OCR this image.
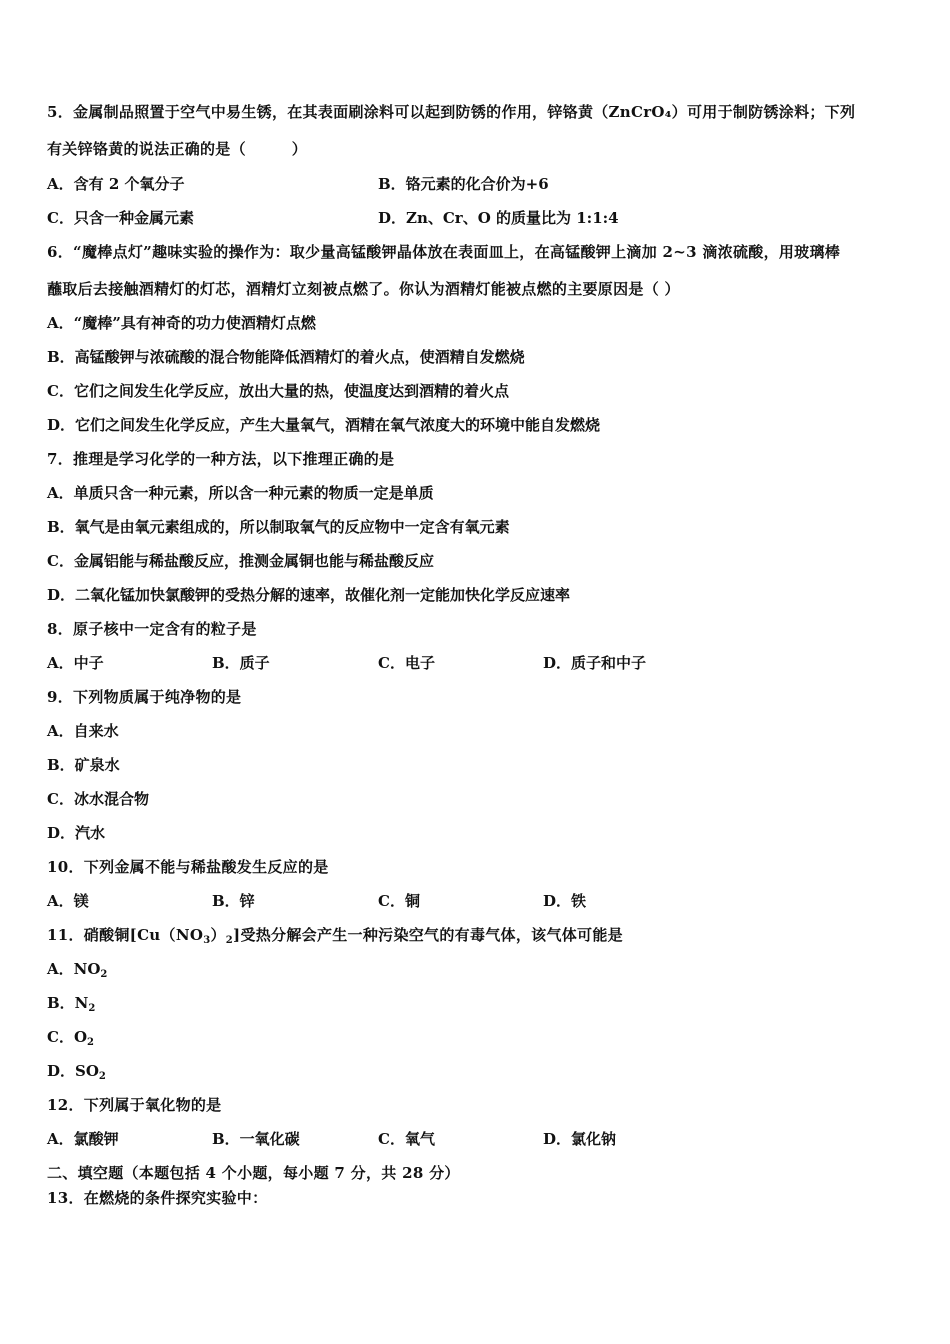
5．金属制品照置于空气中易生锈，在其表面刷涂料可以起到防锈的作用，锌铬黄（ZnCrO₄）可用于制防锈涂料；下列
有关锌铬黄的说法正确的是（　　　）
A．含有 2 个氧分子	B．铬元素的化合价为+6
C．只含一种金属元素	D．Zn、Cr、O 的质量比为 1:1:4
6．“魔棒点灯”趣味实验的操作为：取少量高锰酸钾晶体放在表面皿上，在高锰酸钾上滴加 2~3 滴浓硫酸，用玻璃棒
蘸取后去接触酒精灯的灯芯，酒精灯立刻被点燃了。你认为酒精灯能被点燃的主要原因是（ ）
A．“魔棒”具有神奇的功力使酒精灯点燃
B．高锰酸钾与浓硫酸的混合物能降低酒精灯的着火点，使酒精自发燃烧
C．它们之间发生化学反应，放出大量的热，使温度达到酒精的着火点
D．它们之间发生化学反应，产生大量氧气，酒精在氧气浓度大的环境中能自发燃烧
7．推理是学习化学的一种方法，以下推理正确的是
A．单质只含一种元素，所以含一种元素的物质一定是单质
B．氧气是由氧元素组成的，所以制取氧气的反应物中一定含有氧元素
C．金属铝能与稀盐酸反应，推测金属铜也能与稀盐酸反应
D．二氧化锰加快氯酸钾的受热分解的速率，故催化剂一定能加快化学反应速率
8．原子核中一定含有的粒子是
A．中子	B．质子	C．电子	D．质子和中子
9．下列物质属于纯净物的是
A．自来水
B．矿泉水
C．冰水混合物
D．汽水
10．下列金属不能与稀盐酸发生反应的是
A．镁	B．锌	C．铜	D．铁
11．硝酸铜$[Cu(NO_3)_2]$受热分解会产生一种污染空气的有毒气体，该气体可能是
A．$NO_2$
B．$N_2$
C．$O_2$
D．$SO_2$
12．下列属于氧化物的是
A．氯酸钾	B．一氧化碳	C．氧气	D．氯化钠
二、填空题（本题包括 4 个小题，每小题 7 分，共 28 分）
13．在燃烧的条件探究实验中：
